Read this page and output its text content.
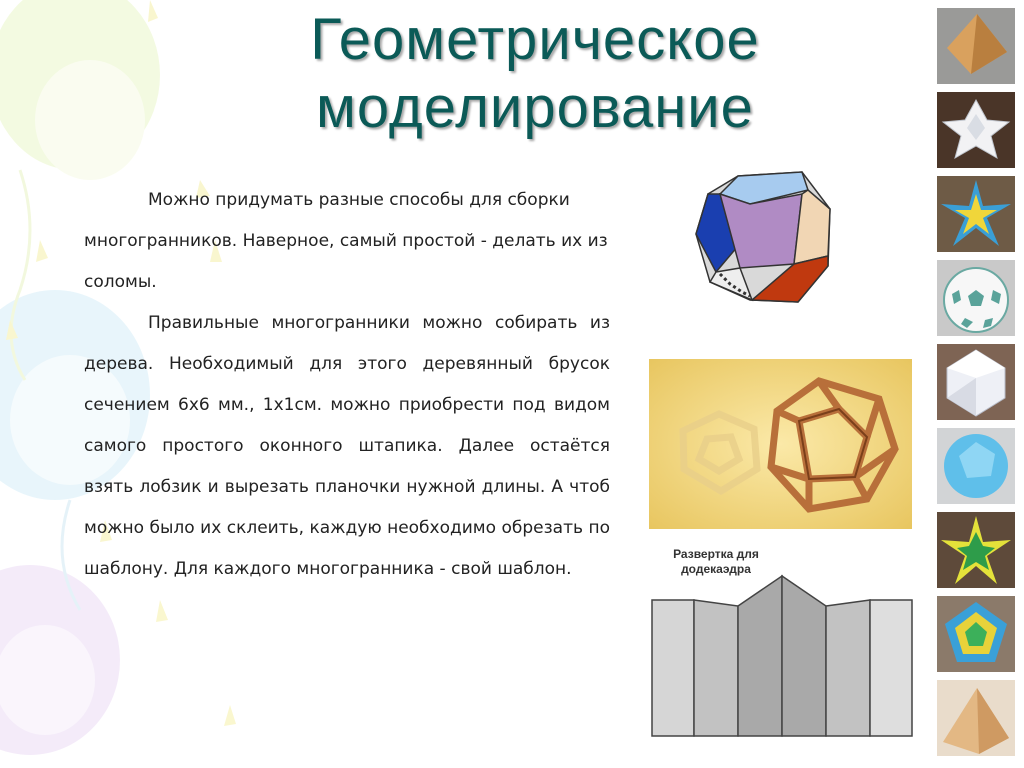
Геометрическое
моделирование

Можно придумать разные способы для сборки многогранников. Наверное, самый простой - делать их из соломы.

Правильные многогранники можно собирать из дерева. Необходимый для этого деревянный брусок сечением 6х6 мм., 1х1см. можно приобрести под видом самого простого оконного штапика. Далее остаётся взять лобзик и вырезать планочки нужной длины. А чтоб можно было их склеить, каждую необходимо обрезать по шаблону. Для каждого многогранника - свой шаблон.

Развертка для
додекаэдра
